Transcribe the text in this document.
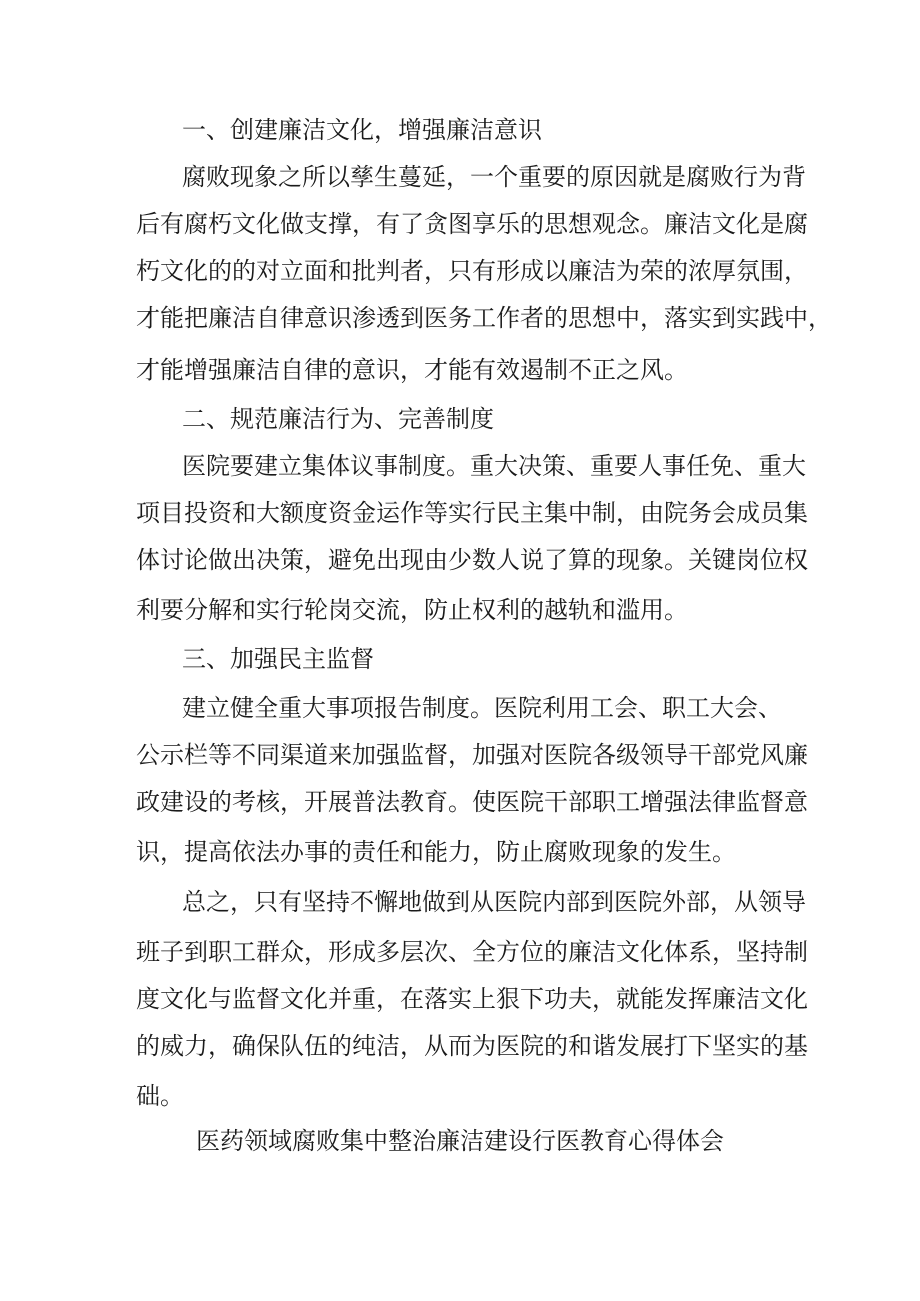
一、创建廉洁文化，增强廉洁意识
腐败现象之所以孳生蔓延，一个重要的原因就是腐败行为背
后有腐朽文化做支撑，有了贪图享乐的思想观念。廉洁文化是腐
朽文化的的对立面和批判者，只有形成以廉洁为荣的浓厚氛围，
才能把廉洁自律意识渗透到医务工作者的思想中，落实到实践中，
才能增强廉洁自律的意识，才能有效遏制不正之风。
二、规范廉洁行为、完善制度
医院要建立集体议事制度。重大决策、重要人事任免、重大
项目投资和大额度资金运作等实行民主集中制，由院务会成员集
体讨论做出决策，避免出现由少数人说了算的现象。关键岗位权
利要分解和实行轮岗交流，防止权利的越轨和滥用。
三、加强民主监督
建立健全重大事项报告制度。医院利用工会、职工大会、
公示栏等不同渠道来加强监督，加强对医院各级领导干部党风廉
政建设的考核，开展普法教育。使医院干部职工增强法律监督意
识，提高依法办事的责任和能力，防止腐败现象的发生。
总之，只有坚持不懈地做到从医院内部到医院外部，从领导
班子到职工群众，形成多层次、全方位的廉洁文化体系，坚持制
度文化与监督文化并重，在落实上狠下功夫，就能发挥廉洁文化
的威力，确保队伍的纯洁，从而为医院的和谐发展打下坚实的基
础。
医药领域腐败集中整治廉洁建设行医教育心得体会
